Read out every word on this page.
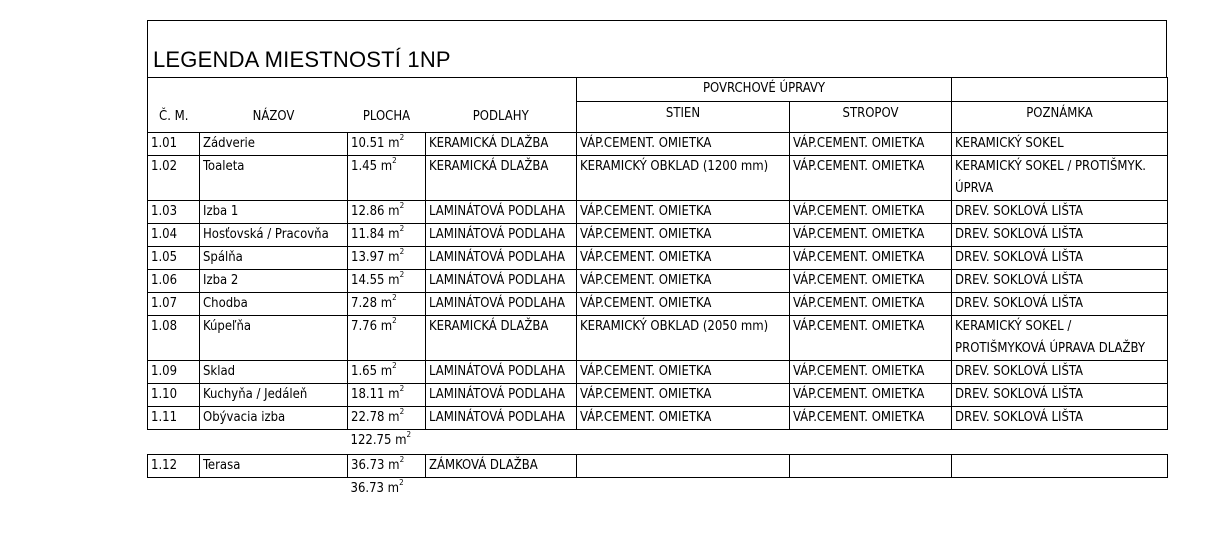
LEGENDA MIESTNOSTÍ 1NP
				POVRCHOVÉ ÚPRAVY		
Č. M.	NÁZOV	PLOCHA	PODLAHY	STIEN	STROPOV	POZNÁMKA
1.01	Zádverie	10.51 $m^2$	KERAMICKÁ DLAŽBA	VÁP.CEMENT. OMIETKA	VÁP.CEMENT. OMIETKA	KERAMICKÝ SOKEL
1.02	Toaleta	1.45 $m^2$	KERAMICKÁ DLAŽBA	KERAMICKÝ OBKLAD (1200 mm)	VÁP.CEMENT. OMIETKA	KERAMICKÝ SOKEL / PROTIŠMYK. ÚPRVA
1.03	Izba 1	12.86 $m^2$	LAMINÁTOVÁ PODLAHA	VÁP.CEMENT. OMIETKA	VÁP.CEMENT. OMIETKA	DREV. SOKLOVÁ LIŠTA
1.04	Hosťovská / Pracovňa	11.84 $m^2$	LAMINÁTOVÁ PODLAHA	VÁP.CEMENT. OMIETKA	VÁP.CEMENT. OMIETKA	DREV. SOKLOVÁ LIŠTA
1.05	Spálňa	13.97 $m^2$	LAMINÁTOVÁ PODLAHA	VÁP.CEMENT. OMIETKA	VÁP.CEMENT. OMIETKA	DREV. SOKLOVÁ LIŠTA
1.06	Izba 2	14.55 $m^2$	LAMINÁTOVÁ PODLAHA	VÁP.CEMENT. OMIETKA	VÁP.CEMENT. OMIETKA	DREV. SOKLOVÁ LIŠTA
1.07	Chodba	7.28 $m^2$	LAMINÁTOVÁ PODLAHA	VÁP.CEMENT. OMIETKA	VÁP.CEMENT. OMIETKA	DREV. SOKLOVÁ LIŠTA
1.08	Kúpeľňa	7.76 $m^2$	KERAMICKÁ DLAŽBA	KERAMICKÝ OBKLAD (2050 mm)	VÁP.CEMENT. OMIETKA	KERAMICKÝ SOKEL / PROTIŠMYKOVÁ ÚPRAVA DLAŽBY
1.09	Sklad	1.65 $m^2$	LAMINÁTOVÁ PODLAHA	VÁP.CEMENT. OMIETKA	VÁP.CEMENT. OMIETKA	DREV. SOKLOVÁ LIŠTA
1.10	Kuchyňa / Jedáleň	18.11 $m^2$	LAMINÁTOVÁ PODLAHA	VÁP.CEMENT. OMIETKA	VÁP.CEMENT. OMIETKA	DREV. SOKLOVÁ LIŠTA
1.11	Obývacia izba	22.78 $m^2$	LAMINÁTOVÁ PODLAHA	VÁP.CEMENT. OMIETKA	VÁP.CEMENT. OMIETKA	DREV. SOKLOVÁ LIŠTA
		122.75 $m^2$				
1.12	Terasa	36.73 $m^2$	ZÁMKOVÁ DLAŽBA			
		36.73 $m^2$				
